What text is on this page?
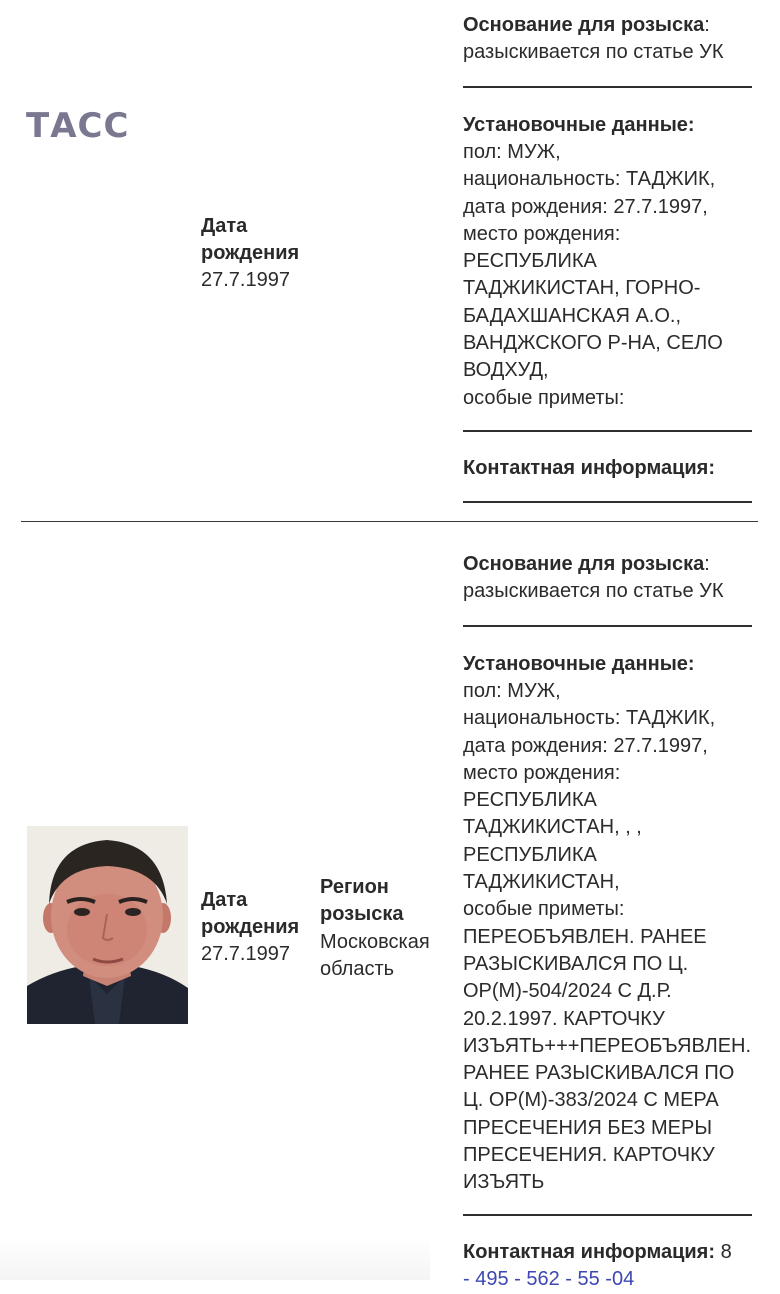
ТАСС
Дата рождения
27.7.1997
Основание для розыска:
разыскивается по статье УК
Установочные данные:
пол: МУЖ,
национальность: ТАДЖИК,
дата рождения: 27.7.1997,
место рождения:
РЕСПУБЛИКА
ТАДЖИКИСТАН, ГОРНО-
БАДАХШАНСКАЯ А.О.,
ВАНДЖСКОГО Р-НА, СЕЛО
ВОДХУД,
особые приметы:
Контактная информация:
Дата рождения
27.7.1997
Регион розыска
Московская область
Основание для розыска:
разыскивается по статье УК
Установочные данные:
пол: МУЖ,
национальность: ТАДЖИК,
дата рождения: 27.7.1997,
место рождения:
РЕСПУБЛИКА
ТАДЖИКИСТАН, , ,
РЕСПУБЛИКА
ТАДЖИКИСТАН,
особые приметы:
ПЕРЕОБЪЯВЛЕН. РАНЕЕ
РАЗЫСКИВАЛСЯ ПО Ц.
ОР(М)-504/2024 С Д.Р.
20.2.1997. КАРТОЧКУ
ИЗЪЯТЬ+++ПЕРЕОБЪЯВЛЕН.
РАНЕЕ РАЗЫСКИВАЛСЯ ПО
Ц. ОР(М)-383/2024 С МЕРА
ПРЕСЕЧЕНИЯ БЕЗ МЕРЫ
ПРЕСЕЧЕНИЯ. КАРТОЧКУ
ИЗЪЯТЬ
Контактная информация: 8
- 495 - 562 - 55 -04
